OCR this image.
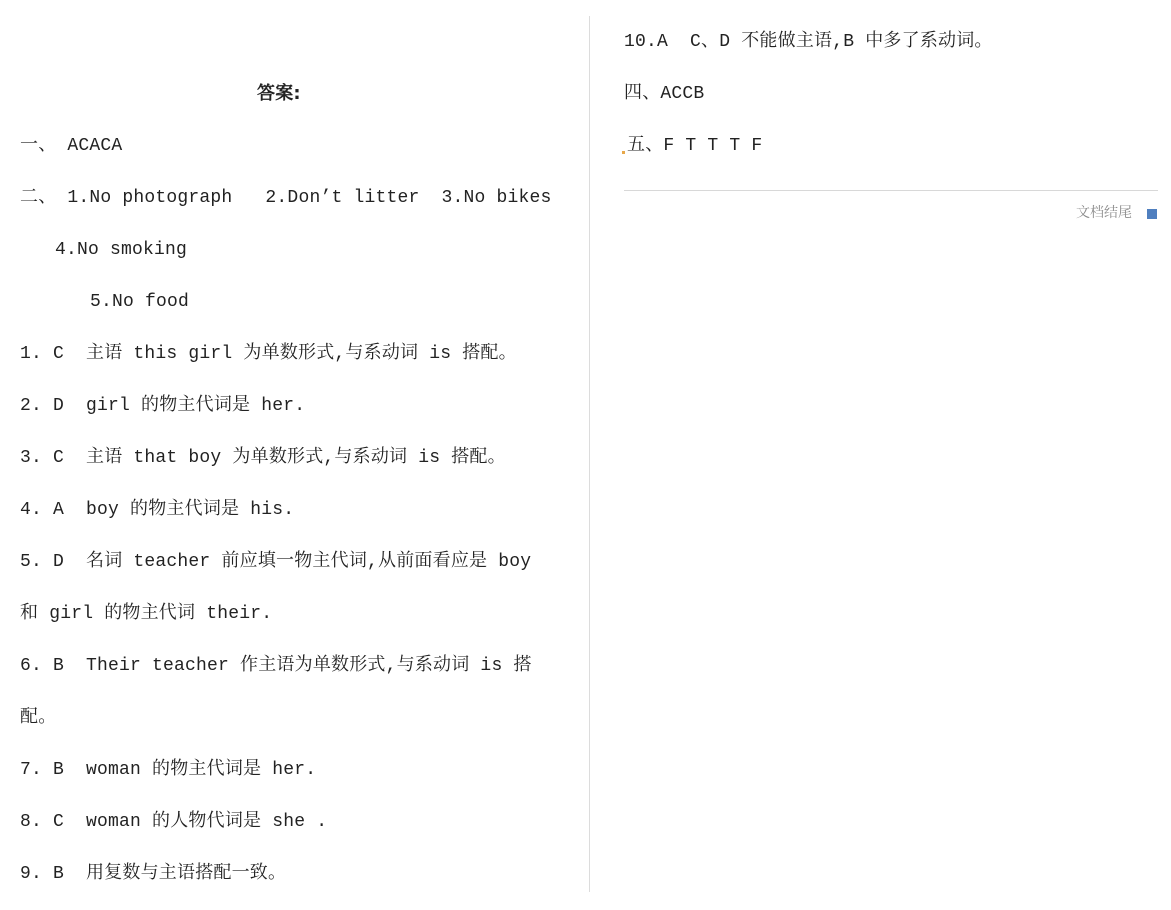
答案:
一、 ACACA
二、 1.No photograph   2.Don’t litter  3.No bikes
4.No smoking
5.No food
1. C  主语 this girl 为单数形式,与系动词 is 搭配。
2. D  girl 的物主代词是 her.
3. C  主语 that boy 为单数形式,与系动词 is 搭配。
4. A  boy 的物主代词是 his.
5. D  名词 teacher 前应填一物主代词,从前面看应是 boy
和 girl 的物主代词 their.
6. B  Their teacher 作主语为单数形式,与系动词 is 搭
配。
7. B  woman 的物主代词是 her.
8. C  woman 的人物代词是 she .
9. B  用复数与主语搭配一致。
10.A  C、D 不能做主语,B 中多了系动词。
四、ACCB
五、F T T T F
文档结尾
